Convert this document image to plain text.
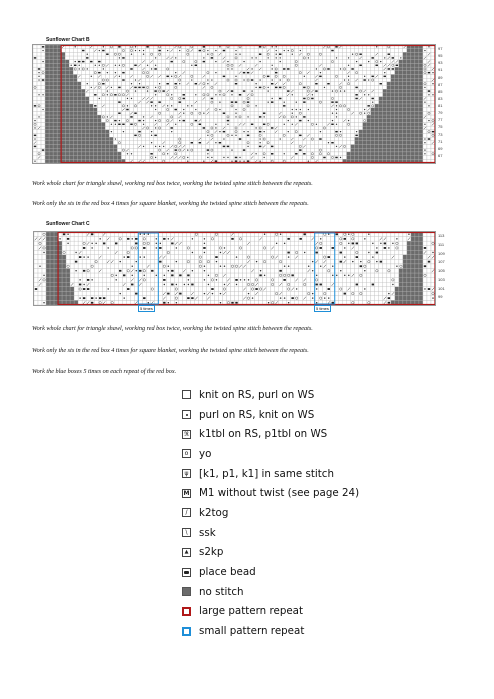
Sunflower Chart B
97
95
93
91
89
87
85
83
81
79
77
75
73
71
69
67
Work whole chart for triangle shawl, working red box twice, working the twisted spine stitch between the repeats.
Work only the sts in the red box 4 times for square blanket, working the twisted spine stitch between the repeats.
Sunflower Chart C
113
111
109
107
105
103
101
99
5 times	5 times
Work whole chart for triangle shawl, working red box twice, working the twisted spine stitch between the repeats.
Work only the sts in the red box 4 times for square blanket, working the twisted spine stitch between the repeats.
Work the blue boxes 5 times on each repeat of the red box.
knit on RS, purl on WS
purl on RS, knit on WS
ℜ k1tbl on RS, p1tbl on WS
o yo
ψ [k1, p1, k1] in same stitch
M M1 without twist (see page 24)
/	k2tog
\	ssk
▲ s2kp
place bead
no stitch
large pattern repeat
small pattern repeat
